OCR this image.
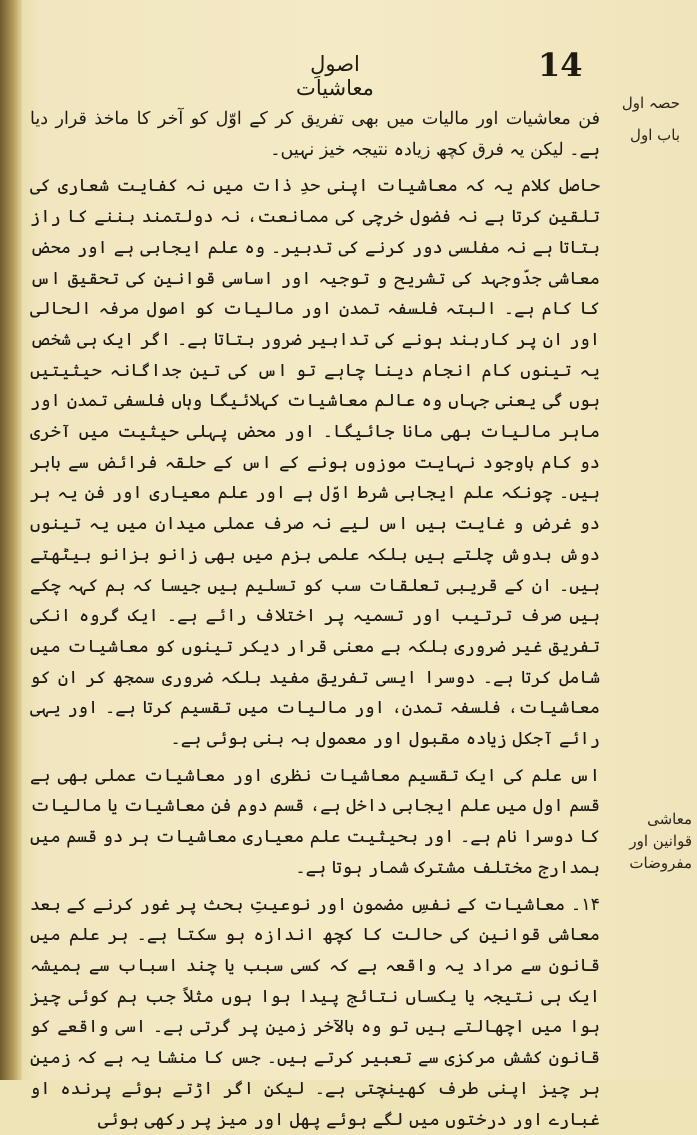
اصولِ معاشیات
14
حصہ اول
باب اول
معاشی قوانین اور مفروضات

فن معاشیات اور مالیات میں بھی تفریق کر کے اوّل کو آخر کا ماخذ قرار دیا ہے۔ لیکن یہ فرق کچھ زیادہ نتیجہ خیز نہیں۔

حاصل کلام یہ کہ معاشیات اپنی حدِ ذات میں نہ کفایت شعاری کی تلقین کرتا ہے نہ فضول خرچی کی ممانعت، نہ دولتمند بننے کا راز بتاتا ہے نہ مفلسی دور کرنے کی تدبیر۔ وہ علم ایجابی ہے اور محض معاشی جدّوجہد کی تشریح و توجیہ اور اساسی قوانین کی تحقیق اس کا کام ہے۔ البتہ فلسفہ تمدن اور مالیات کو اصول مرفہ الحالی اور ان پر کاربند ہونے کی تدابیر ضرور بتاتا ہے۔ اگر ایک ہی شخص یہ تینوں کام انجام دینا چاہے تو اس کی تین جداگانہ حیثیتیں ہوں گی یعنی جہاں وہ عالم معاشیات کہلائیگا وہاں فلسفی تمدن اور ماہر مالیات بھی مانا جائیگا۔ اور محض پہلی حیثیت میں آخری دو کام باوجود نہایت موزوں ہونے کے اس کے حلقہ فرائض سے باہر ہیں۔ چونکہ علم ایجابی شرط اوّل ہے اور علم معیاری اور فن یہ ہر دو غرض و غایت ہیں اس لیے نہ صرف عملی میدان میں یہ تینوں دوش بدوش چلتے ہیں بلکہ علمی بزم میں بھی زانو بزانو بیٹھتے ہیں۔ ان کے قریبی تعلقات سب کو تسلیم ہیں جیسا کہ ہم کہہ چکے ہیں صرف ترتیب اور تسمیہ پر اختلاف رائے ہے۔ ایک گروہ انکی تفریق غیر ضروری بلکہ بے معنی قرار دیکر تینوں کو معاشیات میں شامل کرتا ہے۔ دوسرا ایسی تفریق مفید بلکہ ضروری سمجھ کر ان کو معاشیات، فلسفہ تمدن، اور مالیات میں تقسیم کرتا ہے۔ اور یہی رائے آجکل زیادہ مقبول اور معمول بہ بنی ہوئی ہے۔

اس علم کی ایک تقسیم معاشیات نظری اور معاشیات عملی بھی ہے قسم اول میں علم ایجابی داخل ہے، قسم دوم فن معاشیات یا مالیات کا دوسرا نام ہے۔ اور بحیثیت علم معیاری معاشیات ہر دو قسم میں بمدارج مختلف مشترک شمار ہوتا ہے۔

۱۴۔ معاشیات کے نفسِ مضمون اور نوعیتِ بحث پر غور کرنے کے بعد معاشی قوانین کی حالت کا کچھ اندازہ ہو سکتا ہے۔ ہر علم میں قانون سے مراد یہ واقعہ ہے کہ کسی سبب یا چند اسباب سے ہمیشہ ایک ہی نتیجہ یا یکساں نتائج پیدا ہوا ہوں مثلاً جب ہم کوئی چیز ہوا میں اچھالتے ہیں تو وہ بالآخر زمین پر گرتی ہے۔ اسی واقعے کو قانون کشش مرکزی سے تعبیر کرتے ہیں۔ جس کا منشا یہ ہے کہ زمین ہر چیز اپنی طرف کھینچتی ہے۔ لیکن اگر اڑتے ہوئے پرندہ او غبارے اور درختوں میں لگے ہوئے پھل اور میز پر رکھی ہوئی
